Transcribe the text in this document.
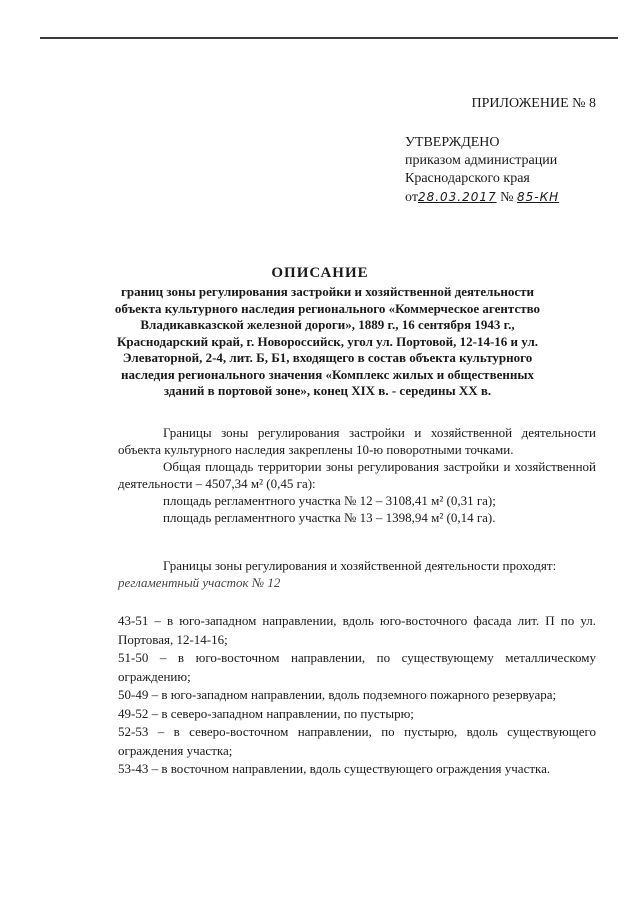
ПРИЛОЖЕНИЕ № 8
УТВЕРЖДЕНО
приказом администрации
Краснодарского края
от28.03.2017 № 85-КН
ОПИСАНИЕ
границ зоны регулирования застройки и хозяйственной деятельности объекта культурного наследия регионального «Коммерческое агентство Владикавказской железной дороги», 1889 г., 16 сентября 1943 г., Краснодарский край, г. Новороссийск, угол ул. Портовой, 12-14-16 и ул. Элеваторной, 2-4, лит. Б, Б1, входящего в состав объекта культурного наследия регионального значения «Комплекс жилых и общественных зданий в портовой зоне», конец XIX в. - середины XX в.

Границы зоны регулирования застройки и хозяйственной деятельности объекта культурного наследия закреплены 10-ю поворотными точками.

Общая площадь территории зоны регулирования застройки и хозяйственной деятельности – 4507,34 м² (0,45 га):

площадь регламентного участка № 12 – 3108,41 м² (0,31 га);

площадь регламентного участка № 13 – 1398,94 м² (0,14 га).

Границы зоны регулирования и хозяйственной деятельности проходят:

регламентный участок № 12

43-51 – в юго-западном направлении, вдоль юго-восточного фасада лит. П по ул. Портовая, 12-14-16;

51-50 – в юго-восточном направлении, по существующему металлическому ограждению;

50-49 – в юго-западном направлении, вдоль подземного пожарного резервуара;

49-52 – в северо-западном направлении, по пустырю;

52-53 – в северо-восточном направлении, по пустырю, вдоль существующего ограждения участка;

53-43 – в восточном направлении, вдоль существующего ограждения участка.
